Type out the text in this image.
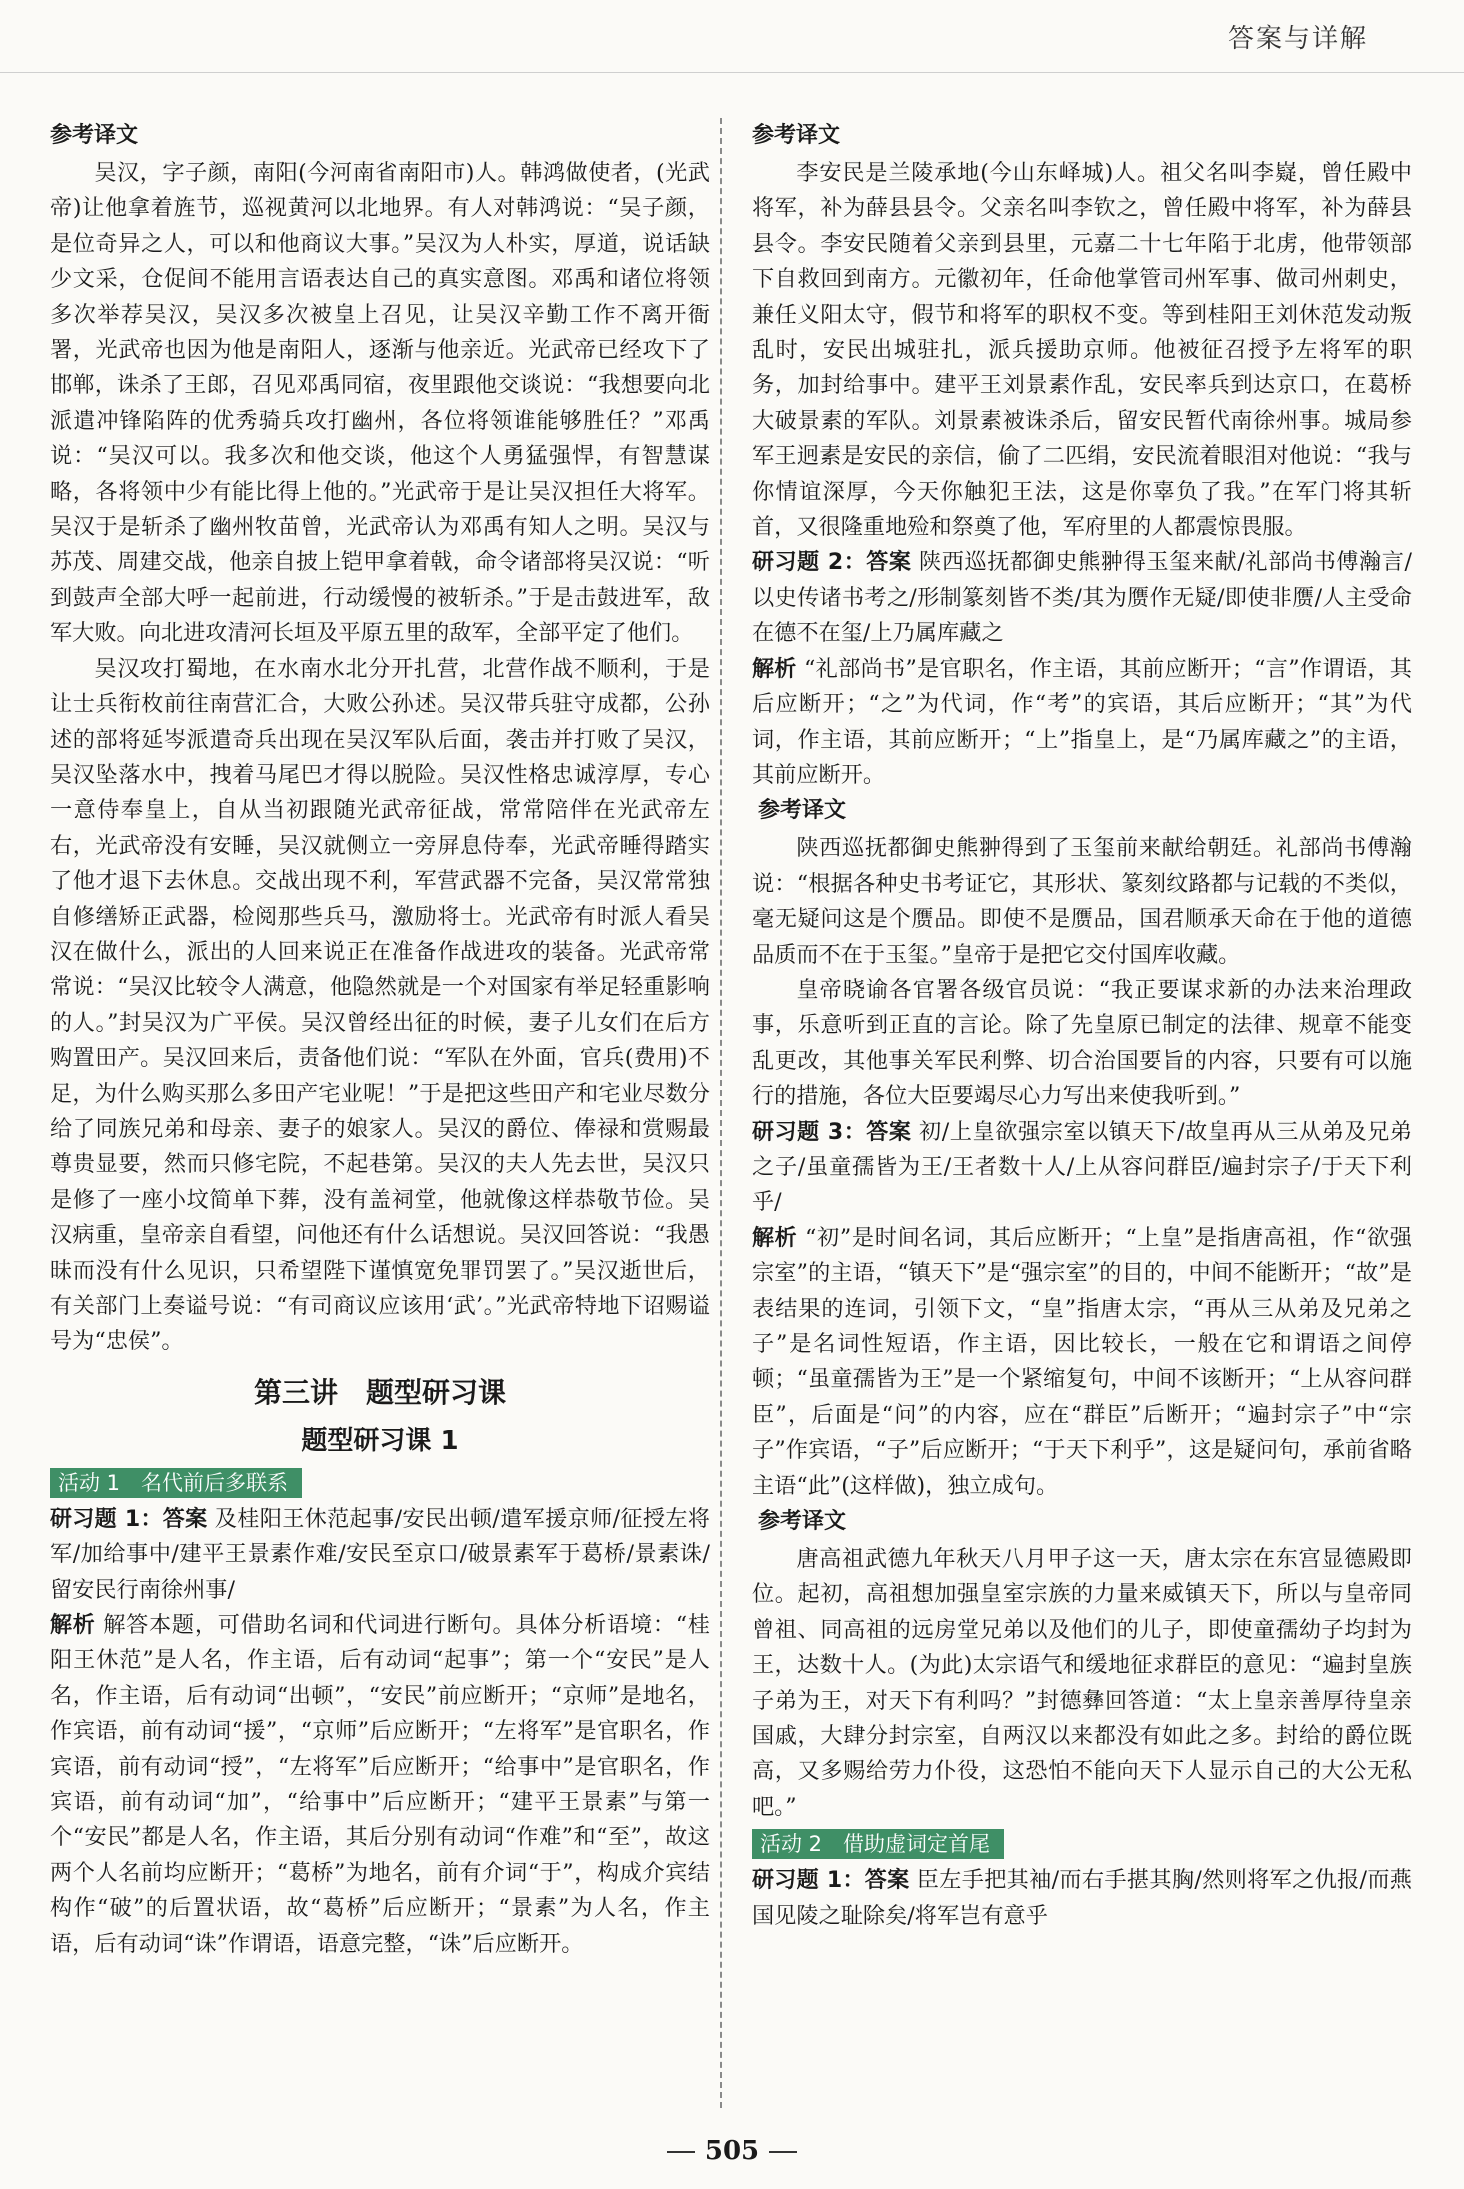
答案与详解

参考译文

吴汉，字子颜，南阳(今河南省南阳市)人。韩鸿做使者，(光武帝)让他拿着旌节，巡视黄河以北地界。有人对韩鸿说：“吴子颜，是位奇异之人，可以和他商议大事。”吴汉为人朴实，厚道，说话缺少文采，仓促间不能用言语表达自己的真实意图。邓禹和诸位将领多次举荐吴汉，吴汉多次被皇上召见，让吴汉辛勤工作不离开衙署，光武帝也因为他是南阳人，逐渐与他亲近。光武帝已经攻下了邯郸，诛杀了王郎，召见邓禹同宿，夜里跟他交谈说：“我想要向北派遣冲锋陷阵的优秀骑兵攻打幽州，各位将领谁能够胜任？”邓禹说：“吴汉可以。我多次和他交谈，他这个人勇猛强悍，有智慧谋略，各将领中少有能比得上他的。”光武帝于是让吴汉担任大将军。吴汉于是斩杀了幽州牧苗曾，光武帝认为邓禹有知人之明。吴汉与苏茂、周建交战，他亲自披上铠甲拿着戟，命令诸部将吴汉说：“听到鼓声全部大呼一起前进，行动缓慢的被斩杀。”于是击鼓进军，敌军大败。向北进攻清河长垣及平原五里的敌军，全部平定了他们。

吴汉攻打蜀地，在水南水北分开扎营，北营作战不顺利，于是让士兵衔枚前往南营汇合，大败公孙述。吴汉带兵驻守成都，公孙述的部将延岑派遣奇兵出现在吴汉军队后面，袭击并打败了吴汉，吴汉坠落水中，拽着马尾巴才得以脱险。吴汉性格忠诚淳厚，专心一意侍奉皇上，自从当初跟随光武帝征战，常常陪伴在光武帝左右，光武帝没有安睡，吴汉就侧立一旁屏息侍奉，光武帝睡得踏实了他才退下去休息。交战出现不利，军营武器不完备，吴汉常常独自修缮矫正武器，检阅那些兵马，激励将士。光武帝有时派人看吴汉在做什么，派出的人回来说正在准备作战进攻的装备。光武帝常常说：“吴汉比较令人满意，他隐然就是一个对国家有举足轻重影响的人。”封吴汉为广平侯。吴汉曾经出征的时候，妻子儿女们在后方购置田产。吴汉回来后，责备他们说：“军队在外面，官兵(费用)不足，为什么购买那么多田产宅业呢！”于是把这些田产和宅业尽数分给了同族兄弟和母亲、妻子的娘家人。吴汉的爵位、俸禄和赏赐最尊贵显要，然而只修宅院，不起巷第。吴汉的夫人先去世，吴汉只是修了一座小坟简单下葬，没有盖祠堂，他就像这样恭敬节俭。吴汉病重，皇帝亲自看望，问他还有什么话想说。吴汉回答说：“我愚昧而没有什么见识，只希望陛下谨慎宽免罪罚罢了。”吴汉逝世后，有关部门上奏谥号说：“有司商议应该用‘武’。”光武帝特地下诏赐谥号为“忠侯”。

第三讲　题型研习课

题型研习课 1

活动 1　名代前后多联系

研习题 1：答案 及桂阳王休范起事/安民出顿/遣军援京师/征授左将军/加给事中/建平王景素作难/安民至京口/破景素军于葛桥/景素诛/留安民行南徐州事/

解析 解答本题，可借助名词和代词进行断句。具体分析语境：“桂阳王休范”是人名，作主语，后有动词“起事”；第一个“安民”是人名，作主语，后有动词“出顿”，“安民”前应断开；“京师”是地名，作宾语，前有动词“援”，“京师”后应断开；“左将军”是官职名，作宾语，前有动词“授”，“左将军”后应断开；“给事中”是官职名，作宾语，前有动词“加”，“给事中”后应断开；“建平王景素”与第一个“安民”都是人名，作主语，其后分别有动词“作难”和“至”，故这两个人名前均应断开；“葛桥”为地名，前有介词“于”，构成介宾结构作“破”的后置状语，故“葛桥”后应断开；“景素”为人名，作主语，后有动词“诛”作谓语，语意完整，“诛”后应断开。

参考译文

李安民是兰陵承地(今山东峄城)人。祖父名叫李嶷，曾任殿中将军，补为薛县县令。父亲名叫李钦之，曾任殿中将军，补为薛县县令。李安民随着父亲到县里，元嘉二十七年陷于北虏，他带领部下自救回到南方。元徽初年，任命他掌管司州军事、做司州刺史，兼任义阳太守，假节和将军的职权不变。等到桂阳王刘休范发动叛乱时，安民出城驻扎，派兵援助京师。他被征召授予左将军的职务，加封给事中。建平王刘景素作乱，安民率兵到达京口，在葛桥大破景素的军队。刘景素被诛杀后，留安民暂代南徐州事。城局参军王迥素是安民的亲信，偷了二匹绢，安民流着眼泪对他说：“我与你情谊深厚，今天你触犯王法，这是你辜负了我。”在军门将其斩首，又很隆重地殓和祭奠了他，军府里的人都震惊畏服。

研习题 2：答案 陕西巡抚都御史熊翀得玉玺来献/礼部尚书傅瀚言/以史传诸书考之/形制篆刻皆不类/其为赝作无疑/即使非赝/人主受命在德不在玺/上乃属库藏之

解析 “礼部尚书”是官职名，作主语，其前应断开；“言”作谓语，其后应断开；“之”为代词，作“考”的宾语，其后应断开；“其”为代词，作主语，其前应断开；“上”指皇上，是“乃属库藏之”的主语，其前应断开。

参考译文

陕西巡抚都御史熊翀得到了玉玺前来献给朝廷。礼部尚书傅瀚说：“根据各种史书考证它，其形状、篆刻纹路都与记载的不类似，毫无疑问这是个赝品。即使不是赝品，国君顺承天命在于他的道德品质而不在于玉玺。”皇帝于是把它交付国库收藏。

皇帝晓谕各官署各级官员说：“我正要谋求新的办法来治理政事，乐意听到正直的言论。除了先皇原已制定的法律、规章不能变乱更改，其他事关军民利弊、切合治国要旨的内容，只要有可以施行的措施，各位大臣要竭尽心力写出来使我听到。”

研习题 3：答案 初/上皇欲强宗室以镇天下/故皇再从三从弟及兄弟之子/虽童孺皆为王/王者数十人/上从容问群臣/遍封宗子/于天下利乎/

解析 “初”是时间名词，其后应断开；“上皇”是指唐高祖，作“欲强宗室”的主语，“镇天下”是“强宗室”的目的，中间不能断开；“故”是表结果的连词，引领下文，“皇”指唐太宗，“再从三从弟及兄弟之子”是名词性短语，作主语，因比较长，一般在它和谓语之间停顿；“虽童孺皆为王”是一个紧缩复句，中间不该断开；“上从容问群臣”，后面是“问”的内容，应在“群臣”后断开；“遍封宗子”中“宗子”作宾语，“子”后应断开；“于天下利乎”，这是疑问句，承前省略主语“此”(这样做)，独立成句。

参考译文

唐高祖武德九年秋天八月甲子这一天，唐太宗在东宫显德殿即位。起初，高祖想加强皇室宗族的力量来威镇天下，所以与皇帝同曾祖、同高祖的远房堂兄弟以及他们的儿子，即使童孺幼子均封为王，达数十人。(为此)太宗语气和缓地征求群臣的意见：“遍封皇族子弟为王，对天下有利吗？”封德彝回答道：“太上皇亲善厚待皇亲国戚，大肆分封宗室，自两汉以来都没有如此之多。封给的爵位既高，又多赐给劳力仆役，这恐怕不能向天下人显示自己的大公无私吧。”

活动 2　借助虚词定首尾

研习题 1：答案 臣左手把其袖/而右手揕其胸/然则将军之仇报/而燕国见陵之耻除矣/将军岂有意乎

505
